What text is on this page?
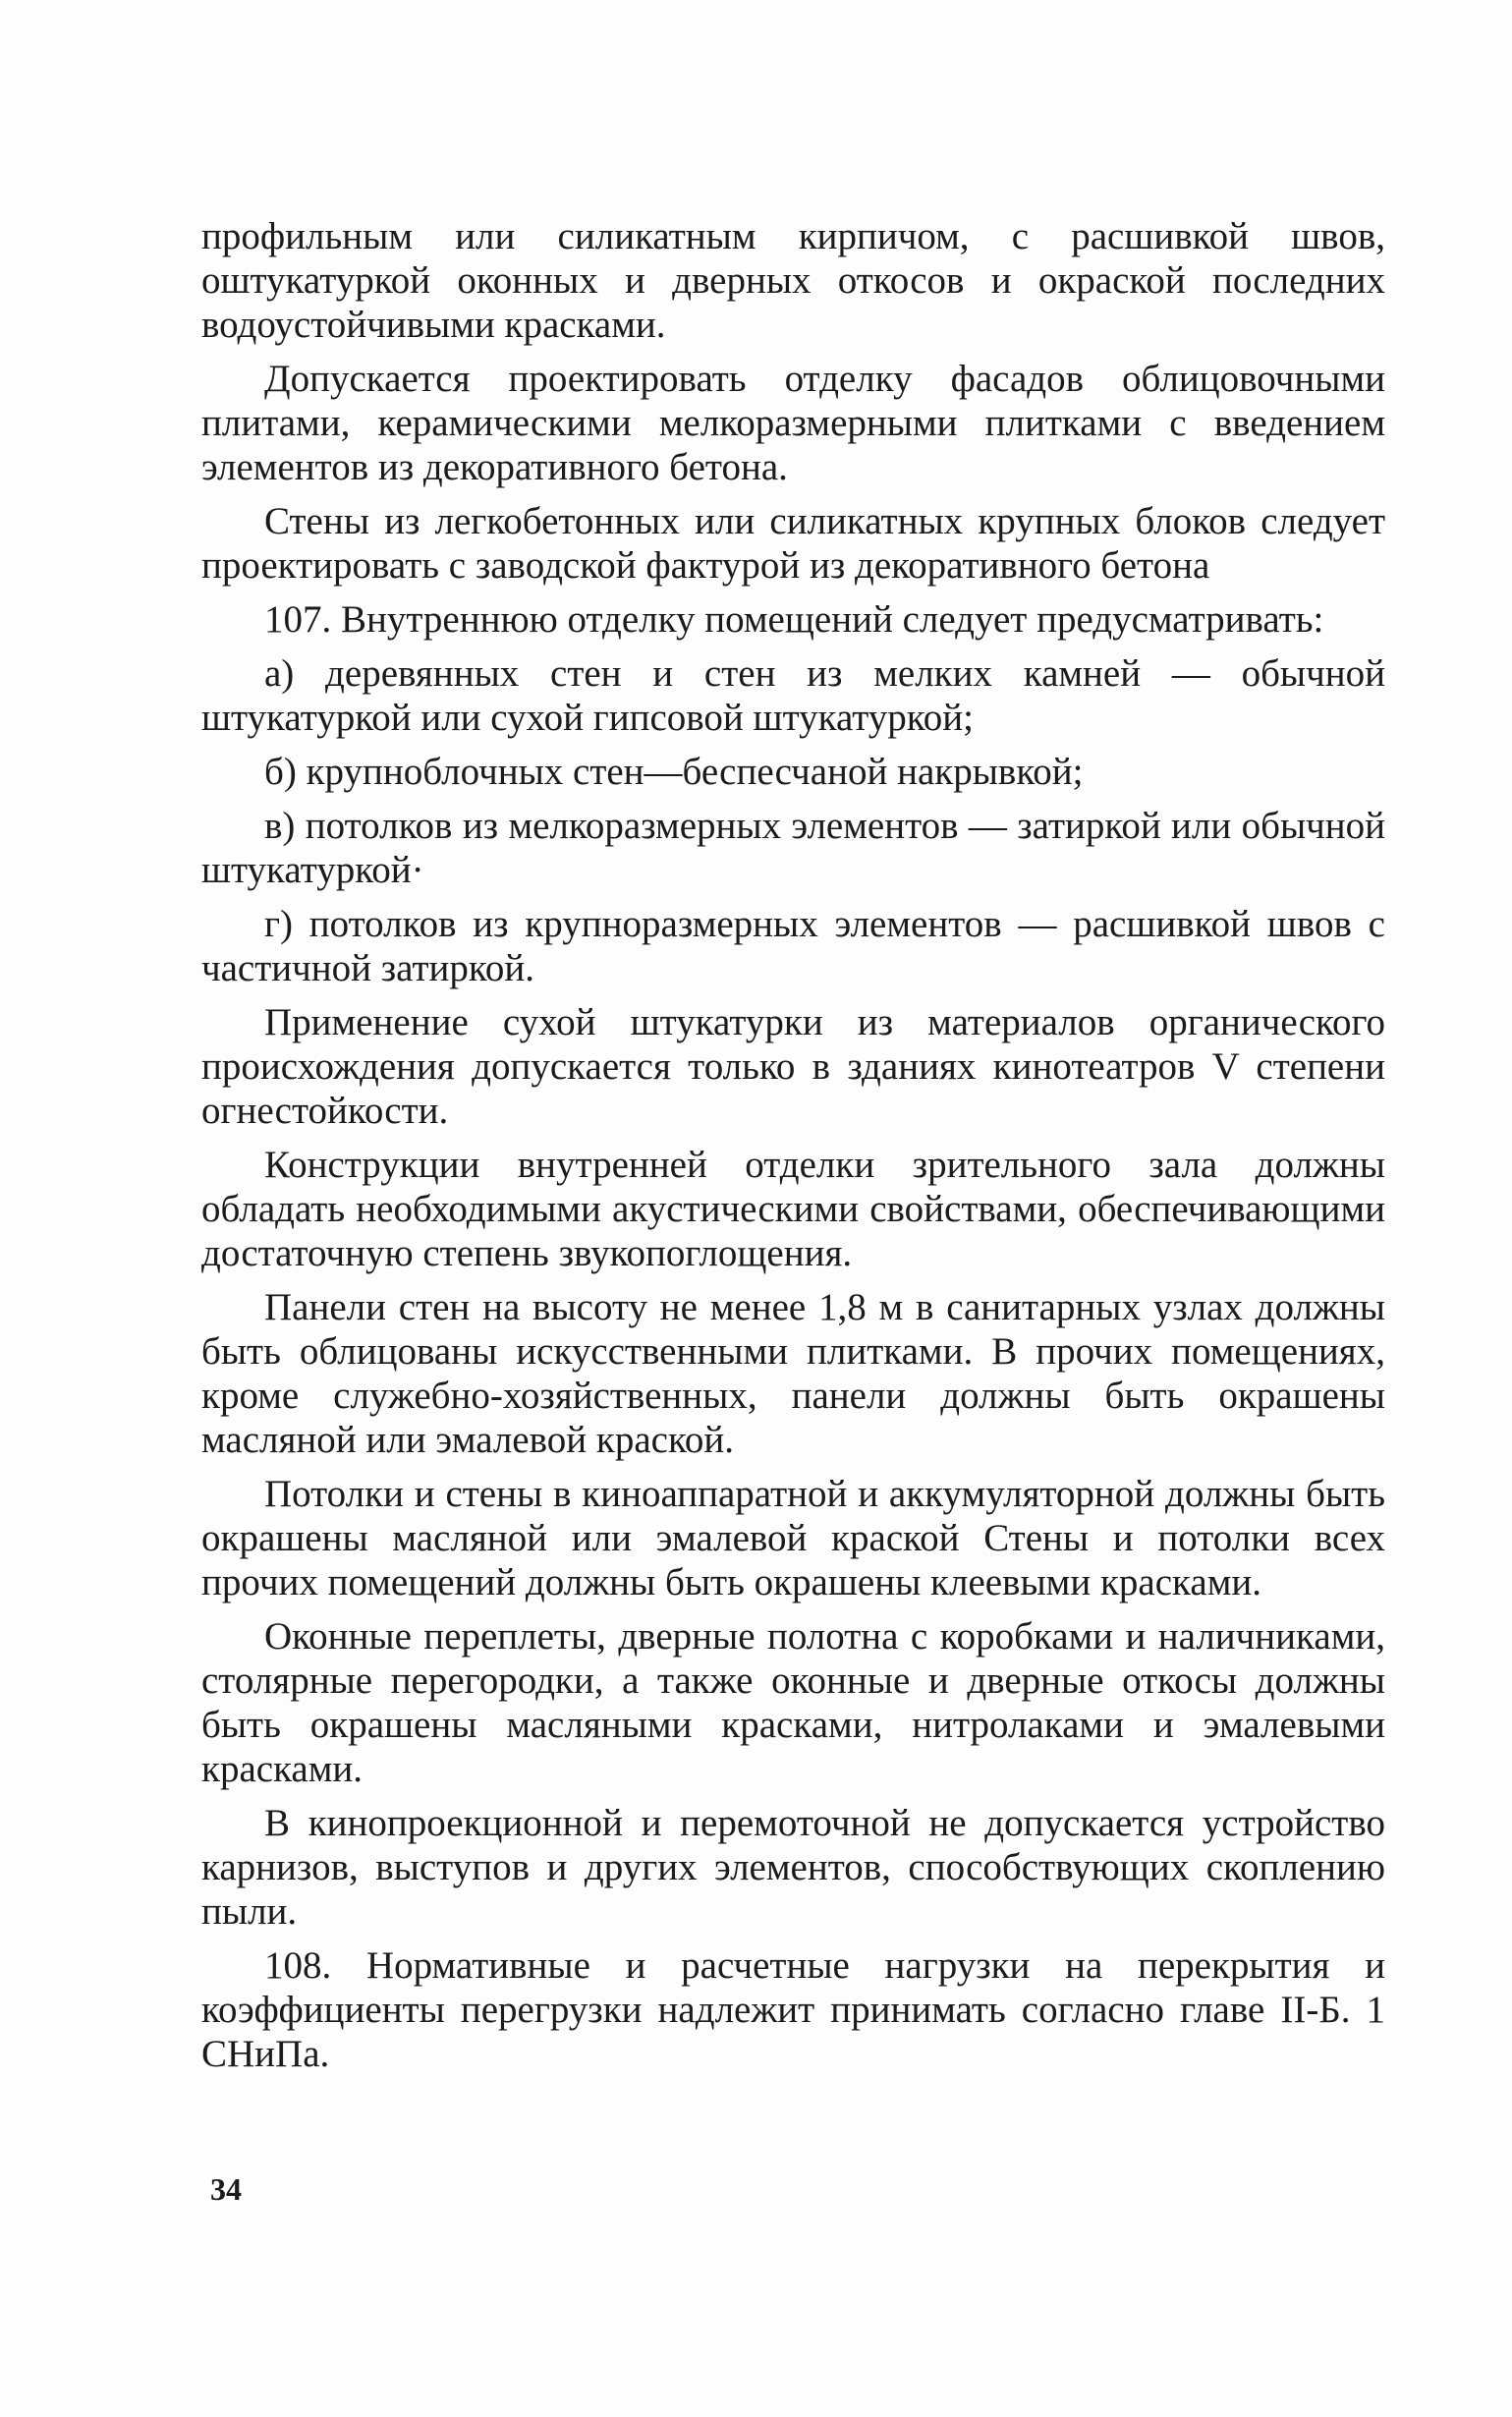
профильным или силикатным кирпичом, с расшивкой швов, оштукатуркой оконных и дверных откосов и окраской последних водоустойчивыми красками.

Допускается проектировать отделку фасадов облицовочными плитами, керамическими мелкоразмерными плитками с введением элементов из декоративного бетона.

Стены из легкобетонных или силикатных крупных блоков следует проектировать с заводской фактурой из декоративного бетона

107. Внутреннюю отделку помещений следует предусматривать:

а) деревянных стен и стен из мелких камней — обычной штукатуркой или сухой гипсовой штукатуркой;

б) крупноблочных стен—беспесчаной накрывкой;

в) потолков из мелкоразмерных элементов — затиркой или обычной штукатуркой·

г) потолков из крупноразмерных элементов — расшивкой швов с частичной затиркой.

Применение сухой штукатурки из материалов органического происхождения допускается только в зданиях кинотеатров V степени огнестойкости.

Конструкции внутренней отделки зрительного зала должны обладать необходимыми акустическими свойствами, обеспечивающими достаточную степень звукопоглощения.

Панели стен на высоту не менее 1,8 м в санитарных узлах должны быть облицованы искусственными плитками. В прочих помещениях, кроме служебно-хозяйственных, панели должны быть окрашены масляной или эмалевой краской.

Потолки и стены в киноаппаратной и аккумуляторной должны быть окрашены масляной или эмалевой краской Стены и потолки всех прочих помещений должны быть окрашены клеевыми красками.

Оконные переплеты, дверные полотна с коробками и наличниками, столярные перегородки, а также оконные и дверные откосы должны быть окрашены масляными красками, нитролаками и эмалевыми красками.

В кинопроекционной и перемоточной не допускается устройство карнизов, выступов и других элементов, способствующих скоплению пыли.

108. Нормативные и расчетные нагрузки на перекрытия и коэффициенты перегрузки надлежит принимать согласно главе II-Б. 1 СНиПа.

34
